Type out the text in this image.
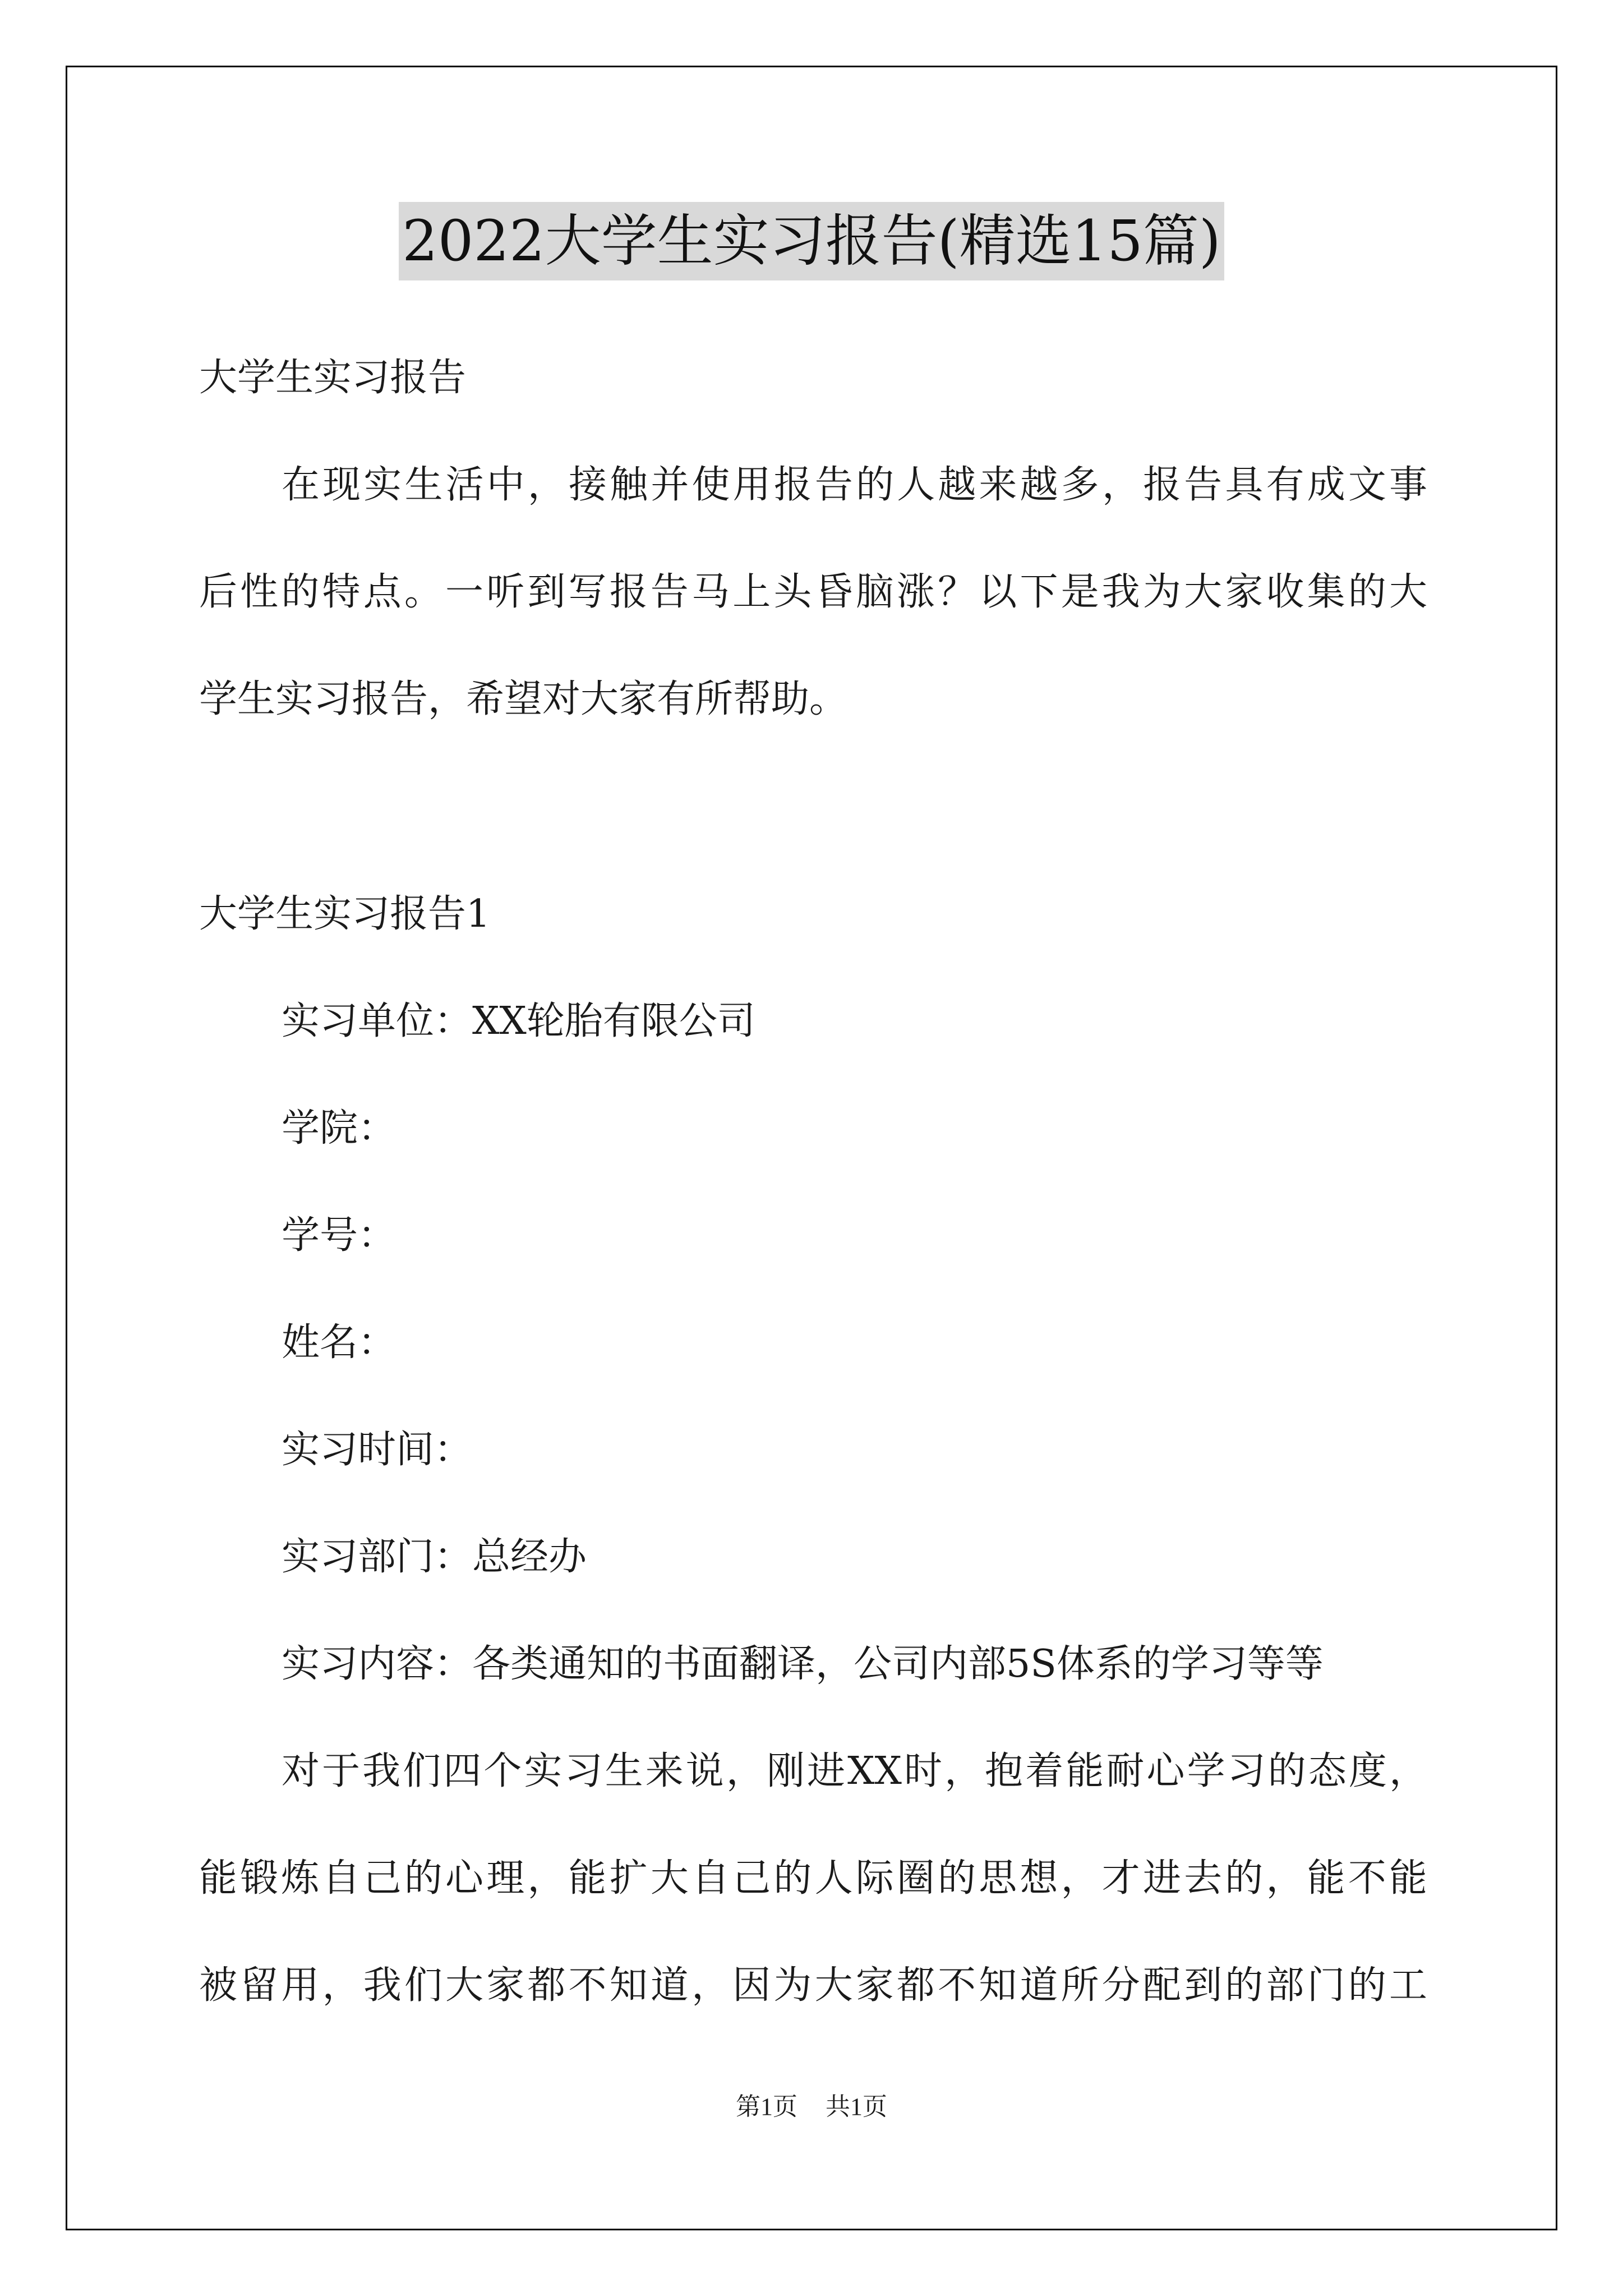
2022大学生实习报告(精选15篇)
大学生实习报告
在现实生活中，接触并使用报告的人越来越多，报告具有成文事
后性的特点。一听到写报告马上头昏脑涨？以下是我为大家收集的大
学生实习报告，希望对大家有所帮助。
大学生实习报告1
实习单位：XX轮胎有限公司
学院：
学号：
姓名：
实习时间：
实习部门：总经办
实习内容：各类通知的书面翻译，公司内部5S体系的学习等等
对于我们四个实习生来说，刚进XX时，抱着能耐心学习的态度，
能锻炼自己的心理，能扩大自己的人际圈的思想，才进去的，能不能
被留用，我们大家都不知道，因为大家都不知道所分配到的部门的工
第1页 共1页
